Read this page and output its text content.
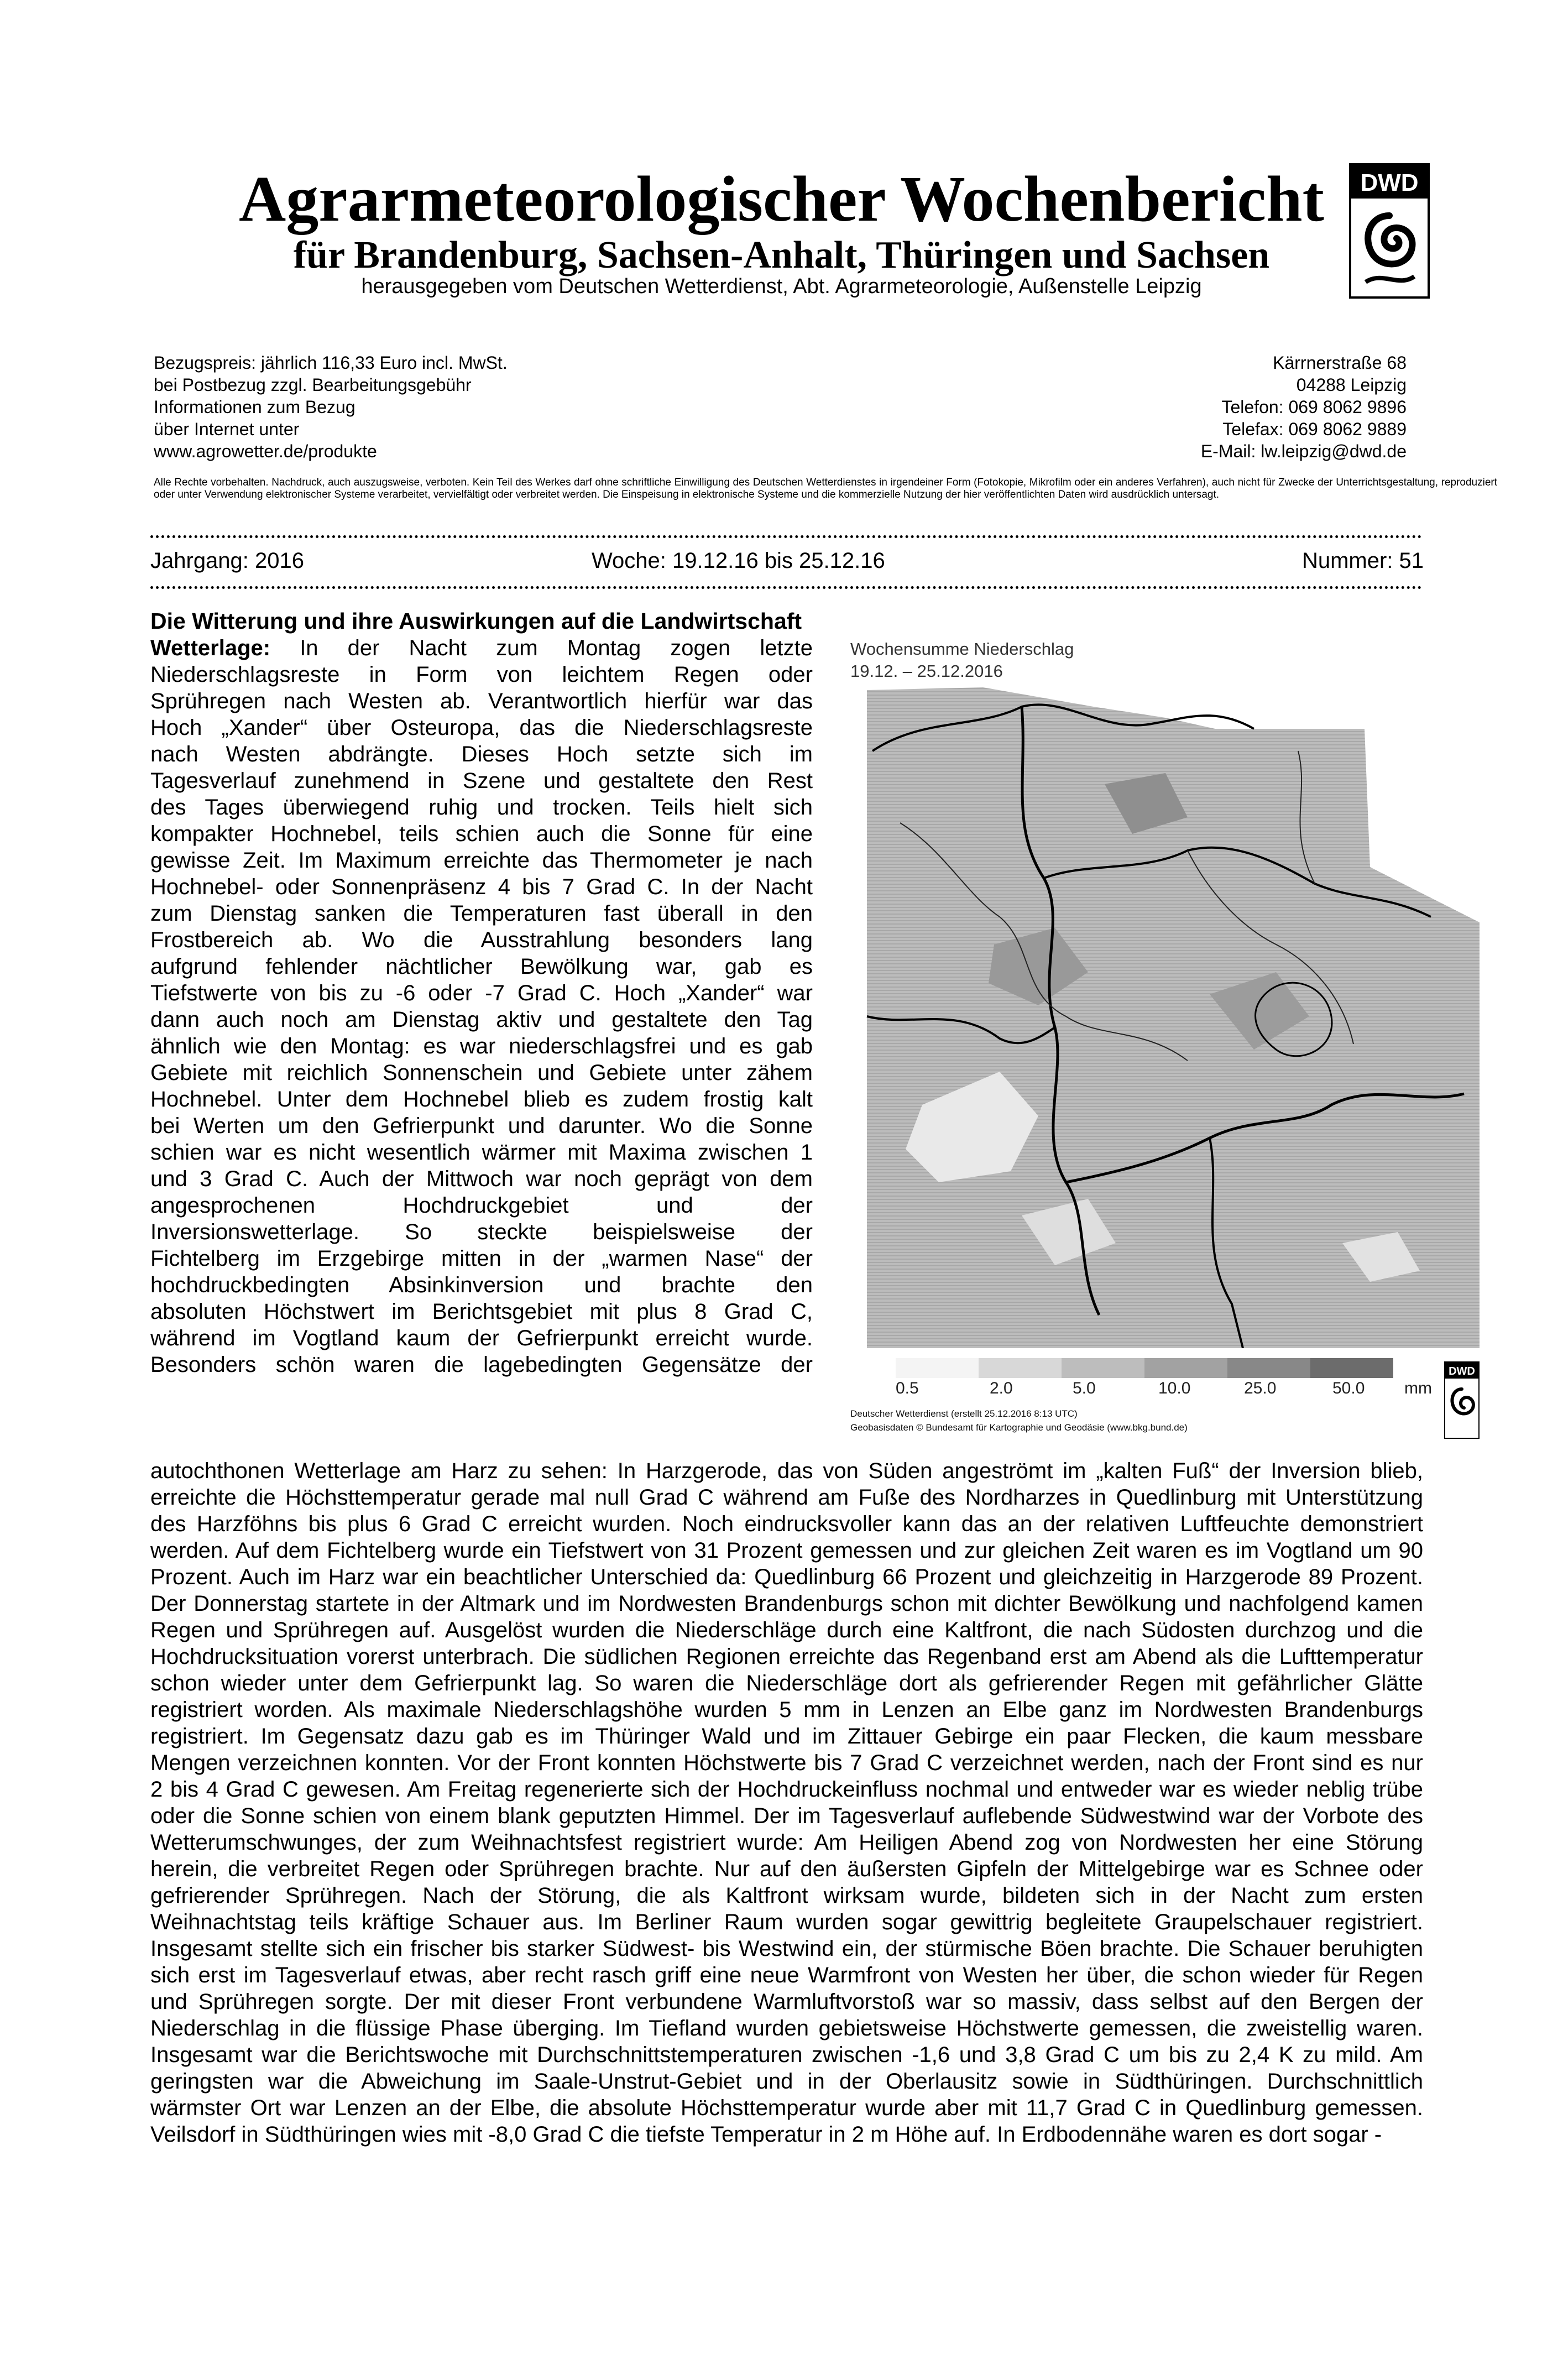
Agrarmeteorologischer Wochenbericht
für Brandenburg, Sachsen-Anhalt, Thüringen und Sachsen
herausgegeben vom Deutschen Wetterdienst, Abt. Agrarmeteorologie, Außenstelle Leipzig
DWD
Bezugspreis: jährlich 116,33 Euro incl. MwSt.
bei Postbezug zzgl. Bearbeitungsgebühr
Informationen zum Bezug
über Internet unter
www.agrowetter.de/produkte
Kärrnerstraße 68
04288 Leipzig
Telefon: 069 8062 9896
Telefax: 069 8062 9889
E-Mail: lw.leipzig@dwd.de
Alle Rechte vorbehalten. Nachdruck, auch auszugsweise, verboten. Kein Teil des Werkes darf ohne schriftliche Einwilligung des Deutschen Wetterdienstes in irgendeiner Form (Fotokopie, Mikrofilm oder ein anderes Verfahren), auch nicht für Zwecke der Unterrichtsgestaltung, reproduziert oder unter Verwendung elektronischer Systeme verarbeitet, vervielfältigt oder verbreitet werden. Die Einspeisung in elektronische Systeme und die kommerzielle Nutzung der hier veröffentlichten Daten wird ausdrücklich untersagt.
Jahrgang: 2016	Woche: 19.12.16 bis 25.12.16	Nummer: 51
Die Witterung und ihre Auswirkungen auf die Landwirtschaft

Wetterlage: In der Nacht zum Montag zogen letzte

Niederschlagsreste in Form von leichtem Regen oder

Sprühregen nach Westen ab. Verantwortlich hierfür war das

Hoch „Xander“ über Osteuropa, das die Niederschlagsreste

nach Westen abdrängte. Dieses Hoch setzte sich im

Tagesverlauf zunehmend in Szene und gestaltete den Rest

des Tages überwiegend ruhig und trocken. Teils hielt sich

kompakter Hochnebel, teils schien auch die Sonne für eine

gewisse Zeit. Im Maximum erreichte das Thermometer je nach

Hochnebel- oder Sonnenpräsenz 4 bis 7 Grad C. In der Nacht

zum Dienstag sanken die Temperaturen fast überall in den

Frostbereich ab. Wo die Ausstrahlung besonders lang

aufgrund fehlender nächtlicher Bewölkung war, gab es

Tiefstwerte von bis zu -6 oder -7 Grad C. Hoch „Xander“ war

dann auch noch am Dienstag aktiv und gestaltete den Tag

ähnlich wie den Montag: es war niederschlagsfrei und es gab

Gebiete mit reichlich Sonnenschein und Gebiete unter zähem

Hochnebel. Unter dem Hochnebel blieb es zudem frostig kalt

bei Werten um den Gefrierpunkt und darunter. Wo die Sonne

schien war es nicht wesentlich wärmer mit Maxima zwischen 1

und 3 Grad C. Auch der Mittwoch war noch geprägt von dem

angesprochenen Hochdruckgebiet und der

Inversionswetterlage. So steckte beispielsweise der

Fichtelberg im Erzgebirge mitten in der „warmen Nase“ der

hochdruckbedingten Absinkinversion und brachte den

absoluten Höchstwert im Berichtsgebiet mit plus 8 Grad C,

während im Vogtland kaum der Gefrierpunkt erreicht wurde.

Besonders schön waren die lagebedingten Gegensätze der

Wochensumme Niederschlag
19.12. – 25.12.2016
0.5	2.0	5.0	10.0	25.0	50.0 mm
Deutscher Wetterdienst (erstellt 25.12.2016 8:13 UTC)
Geobasisdaten © Bundesamt für Kartographie und Geodäsie (www.bkg.bund.de)
DWD

autochthonen Wetterlage am Harz zu sehen: In Harzgerode, das von Süden angeströmt im „kalten Fuß“ der Inversion blieb,

erreichte die Höchsttemperatur gerade mal null Grad C während am Fuße des Nordharzes in Quedlinburg mit Unterstützung

des Harzföhns bis plus 6 Grad C erreicht wurden. Noch eindrucksvoller kann das an der relativen Luftfeuchte demonstriert

werden. Auf dem Fichtelberg wurde ein Tiefstwert von 31 Prozent gemessen und zur gleichen Zeit waren es im Vogtland um 90

Prozent. Auch im Harz war ein beachtlicher Unterschied da: Quedlinburg 66 Prozent und gleichzeitig in Harzgerode 89 Prozent.

Der Donnerstag startete in der Altmark und im Nordwesten Brandenburgs schon mit dichter Bewölkung und nachfolgend kamen

Regen und Sprühregen auf. Ausgelöst wurden die Niederschläge durch eine Kaltfront, die nach Südosten durchzog und die

Hochdrucksituation vorerst unterbrach. Die südlichen Regionen erreichte das Regenband erst am Abend als die Lufttemperatur

schon wieder unter dem Gefrierpunkt lag. So waren die Niederschläge dort als gefrierender Regen mit gefährlicher Glätte

registriert worden. Als maximale Niederschlagshöhe wurden 5 mm in Lenzen an Elbe ganz im Nordwesten Brandenburgs

registriert. Im Gegensatz dazu gab es im Thüringer Wald und im Zittauer Gebirge ein paar Flecken, die kaum messbare

Mengen verzeichnen konnten. Vor der Front konnten Höchstwerte bis 7 Grad C verzeichnet werden, nach der Front sind es nur

2 bis 4 Grad C gewesen. Am Freitag regenerierte sich der Hochdruckeinfluss nochmal und entweder war es wieder neblig trübe

oder die Sonne schien von einem blank geputzten Himmel. Der im Tagesverlauf auflebende Südwestwind war der Vorbote des

Wetterumschwunges, der zum Weihnachtsfest registriert wurde: Am Heiligen Abend zog von Nordwesten her eine Störung

herein, die verbreitet Regen oder Sprühregen brachte. Nur auf den äußersten Gipfeln der Mittelgebirge war es Schnee oder

gefrierender Sprühregen. Nach der Störung, die als Kaltfront wirksam wurde, bildeten sich in der Nacht zum ersten

Weihnachtstag teils kräftige Schauer aus. Im Berliner Raum wurden sogar gewittrig begleitete Graupelschauer registriert.

Insgesamt stellte sich ein frischer bis starker Südwest- bis Westwind ein, der stürmische Böen brachte. Die Schauer beruhigten

sich erst im Tagesverlauf etwas, aber recht rasch griff eine neue Warmfront von Westen her über, die schon wieder für Regen

und Sprühregen sorgte. Der mit dieser Front verbundene Warmluftvorstoß war so massiv, dass selbst auf den Bergen der

Niederschlag in die flüssige Phase überging. Im Tiefland wurden gebietsweise Höchstwerte gemessen, die zweistellig waren.

Insgesamt war die Berichtswoche mit Durchschnittstemperaturen zwischen -1,6 und 3,8 Grad C um bis zu 2,4 K zu mild. Am

geringsten war die Abweichung im Saale-Unstrut-Gebiet und in der Oberlausitz sowie in Südthüringen. Durchschnittlich

wärmster Ort war Lenzen an der Elbe, die absolute Höchsttemperatur wurde aber mit 11,7 Grad C in Quedlinburg gemessen.

Veilsdorf in Südthüringen wies mit -8,0 Grad C die tiefste Temperatur in 2 m Höhe auf. In Erdbodennähe waren es dort sogar -
